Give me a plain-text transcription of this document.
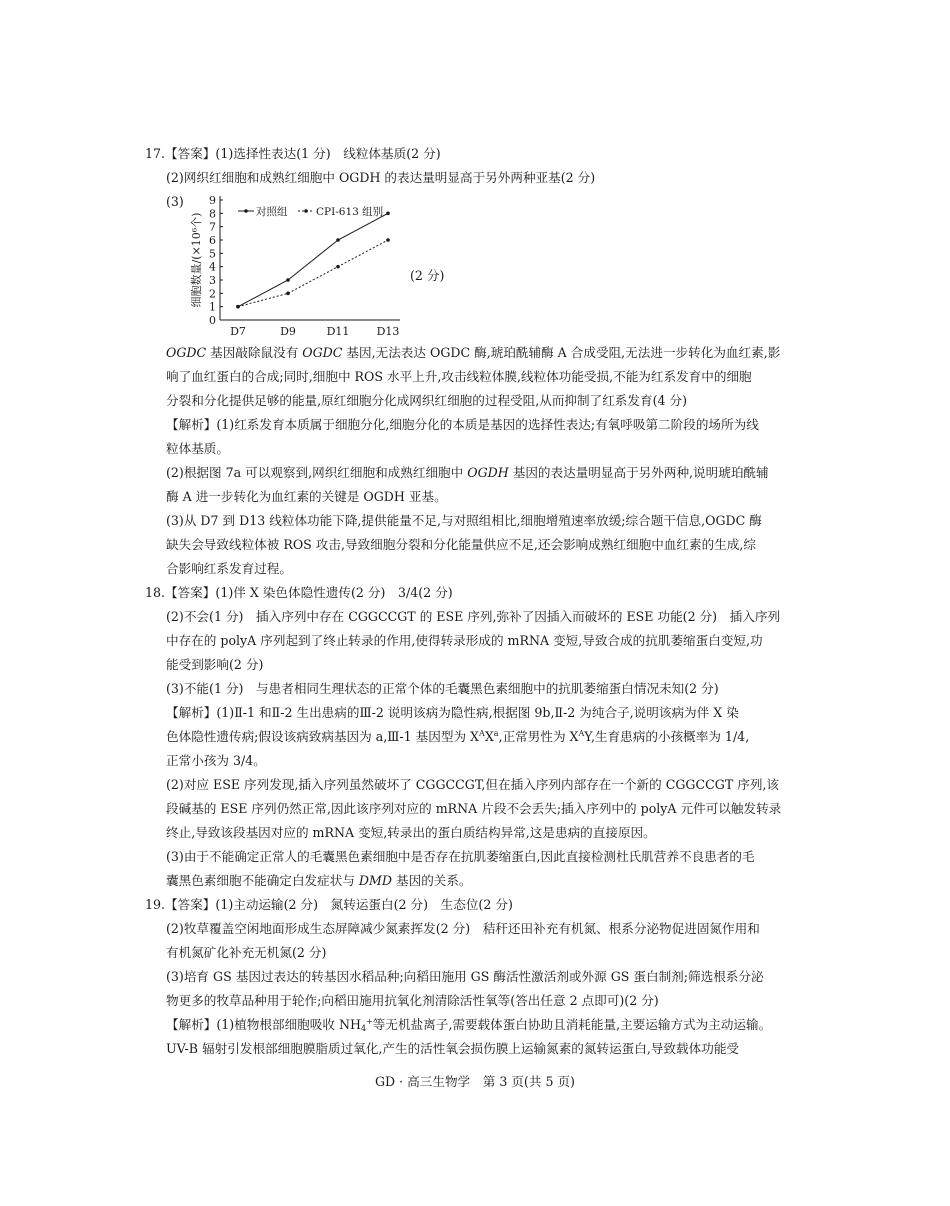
17.【答案】(1)选择性表达(1 分)　线粒体基质(2 分)
(2)网织红细胞和成熟红细胞中 OGDH 的表达量明显高于另外两种亚基(2 分)
(3)
0
1
2
3
4
5
6
7
8
9
D7	D9	D11 D13
对照组	CPI-613 组别
细胞数量/(×10⁶个)	(2 分)
OGDC 基因敲除鼠没有 OGDC 基因,无法表达 OGDC 酶,琥珀酰辅酶 A 合成受阻,无法进一步转化为血红素,影
响了血红蛋白的合成;同时,细胞中 ROS 水平上升,攻击线粒体膜,线粒体功能受损,不能为红系发育中的细胞
分裂和分化提供足够的能量,原红细胞分化成网织红细胞的过程受阻,从而抑制了红系发育(4 分)
【解析】(1)红系发育本质属于细胞分化,细胞分化的本质是基因的选择性表达;有氧呼吸第二阶段的场所为线
粒体基质。
(2)根据图 7a 可以观察到,网织红细胞和成熟红细胞中 OGDH 基因的表达量明显高于另外两种,说明琥珀酰辅
酶 A 进一步转化为血红素的关键是 OGDH 亚基。
(3)从 D7 到 D13 线粒体功能下降,提供能量不足,与对照组相比,细胞增殖速率放缓;综合题干信息,OGDC 酶
缺失会导致线粒体被 ROS 攻击,导致细胞分裂和分化能量供应不足,还会影响成熟红细胞中血红素的生成,综
合影响红系发育过程。
18.【答案】(1)伴 X 染色体隐性遗传(2 分)　3/4(2 分)
(2)不会(1 分)　插入序列中存在 CGGCCGT 的 ESE 序列,弥补了因插入而破坏的 ESE 功能(2 分)　插入序列
中存在的 polyA 序列起到了终止转录的作用,使得转录形成的 mRNA 变短,导致合成的抗肌萎缩蛋白变短,功
能受到影响(2 分)
(3)不能(1 分)　与患者相同生理状态的正常个体的毛囊黑色素细胞中的抗肌萎缩蛋白情况未知(2 分)
【解析】(1)Ⅱ-1 和Ⅱ-2 生出患病的Ⅲ-2 说明该病为隐性病,根据图 9b,Ⅱ-2 为纯合子,说明该病为伴 X 染
色体隐性遗传病;假设该病致病基因为 a,Ⅲ-1 基因型为 $X^AX^a$,正常男性为 $X^AY$,生育患病的小孩概率为 1/4,
正常小孩为 3/4。
(2)对应 ESE 序列发现,插入序列虽然破坏了 CGGCCGT,但在插入序列内部存在一个新的 CGGCCGT 序列,该
段碱基的 ESE 序列仍然正常,因此该序列对应的 mRNA 片段不会丢失;插入序列中的 polyA 元件可以触发转录
终止,导致该段基因对应的 mRNA 变短,转录出的蛋白质结构异常,这是患病的直接原因。
(3)由于不能确定正常人的毛囊黑色素细胞中是否存在抗肌萎缩蛋白,因此直接检测杜氏肌营养不良患者的毛
囊黑色素细胞不能确定白发症状与 DMD 基因的关系。
19.【答案】(1)主动运输(2 分)　氮转运蛋白(2 分)　生态位(2 分)
(2)牧草覆盖空闲地面形成生态屏障减少氮素挥发(2 分)　秸秆还田补充有机氮、根系分泌物促进固氮作用和
有机氮矿化补充无机氮(2 分)
(3)培育 GS 基因过表达的转基因水稻品种;向稻田施用 GS 酶活性激活剂或外源 GS 蛋白制剂;筛选根系分泌
物更多的牧草品种用于轮作;向稻田施用抗氧化剂清除活性氧等(答出任意 2 点即可)(2 分)
【解析】(1)植物根部细胞吸收 $NH_4^+$等无机盐离子,需要载体蛋白协助且消耗能量,主要运输方式为主动运输。
UV-B 辐射引发根部细胞膜脂质过氧化,产生的活性氧会损伤膜上运输氮素的氮转运蛋白,导致载体功能受
GD · 高三生物学　第 3 页(共 5 页)
